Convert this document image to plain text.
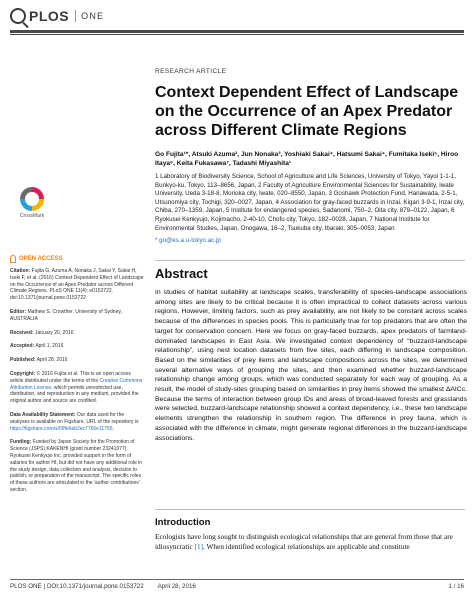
PLOS ONE
CrossMark
OPEN ACCESS
Citation: Fujita G, Azuma A, Nonaka J, Sakai Y, Sakai H, Iseki F, et al. (2016) Context Dependent Effect of Landscape on the Occurrence of an Apex Predator across Different Climate Regions. PLoS ONE 11(4): e0153722. doi:10.1371/journal.pone.0153722
Editor: Mathew S. Crowther, University of Sydney, AUSTRALIA
Received: January 20, 2016
Accepted: April 1, 2016
Published: April 28, 2016
Copyright: © 2016 Fujita et al. This is an open access article distributed under the terms of the Creative Commons Attribution License, which permits unrestricted use, distribution, and reproduction in any medium, provided the original author and source are credited.
Data Availability Statement: Our data used for the analyses is available on Figshare. URL of the repository is https://figshare.com/s/09fe6ab2ec7766e11756.
Funding: Funded by Japan Society for the Promotion of Science (JSPS) KAKENHI (grant number 23241077). Ryokusei Kenkyujo Inc. provided support in the form of salaries for author HI, but did not have any additional role in the study design, data collection and analysis, decision to publish, or preparation of the manuscript. The specific roles of these authors are articulated in the 'author contributions' section.
RESEARCH ARTICLE
Context Dependent Effect of Landscape on the Occurrence of an Apex Predator across Different Climate Regions
Go Fujita¹*, Atsuki Azuma², Jun Nonaka³, Yoshiaki Sakai⁴, Hatsumi Sakai⁴, Fumitaka Iseki⁵, Hiroo Itaya⁶, Keita Fukasawa⁷, Tadashi Miyashita¹
1 Laboratory of Biodiversity Science, School of Agriculture and Life Sciences, University of Tokyo, Yayoi 1-1-1, Bunkyo-ku, Tokyo, 113–8656, Japan, 2 Faculty of Agriculture Environmental Sciences for Sustainability, Iwate University, Ueda 3-18-8, Morioka city, Iwate, 020–8550, Japan, 3 Goshawk Protection Fund, Hanawada, 2-5-1, Utsunomiya city, Tochigi, 320–0027, Japan, 4 Association for gray-faced buzzards in Inzai, Kigari 3-9-1, Inzai city, Chiba, 270–1359, Japan, 5 Institute for endangered species, Sadanomi, 750–2, Oita city, 879–0122, Japan, 6 Ryokusei Kenkyujo, Kojimacho, 2-40-10, Chofu city, Tokyo, 182–0028, Japan, 7 National Institute for Environmental Studies, Japan, Onogawa, 16–2, Tsukuba city, Ibaraki, 305–0053, Japan
* go@es.a.u-tokyo.ac.jp
Abstract

In studies of habitat suitability at landscape scales, transferability of species-landscape associations among sites are likely to be critical because it is often impractical to collect datasets across various regions. However, limiting factors, such as prey availability, are not likely to be constant across scales because of the differences in species pools. This is particularly true for top predators that are often the target for conservation concern. Here we focus on gray-faced buzzards, apex predators of farmland-dominated landscapes in East Asia. We investigated context dependency of “buzzard-landscape relationship”, using nest location datasets from five sites, each differing in landscape composition. Based on the similarities of prey items and landscape compositions across the sites, we determined several alternative ways of grouping the sites, and then examined whether buzzard-landscape relationship change among groups, which was conducted separately for each way of grouping. As a result, the model of study-sites grouping based on similarities in prey items showed the smallest ΔAICc. Because the terms of interaction between group IDs and areas of broad-leaved forests and grasslands were selected, buzzard-landscape relationship showed a context dependency, i.e., these two landscape elements strengthen the relationship in southern region. The difference in prey fauna, which is associated with the difference in climate, might generate regional differences in the buzzard-landscape associations.

Introduction

Ecologists have long sought to distinguish ecological relationships that are general from those that are idiosyncratic [1]. When identified ecological relationships are applicable and constitute

PLOS ONE | DOI:10.1371/journal.pone.0153722 April 28, 2016	1 / 16
